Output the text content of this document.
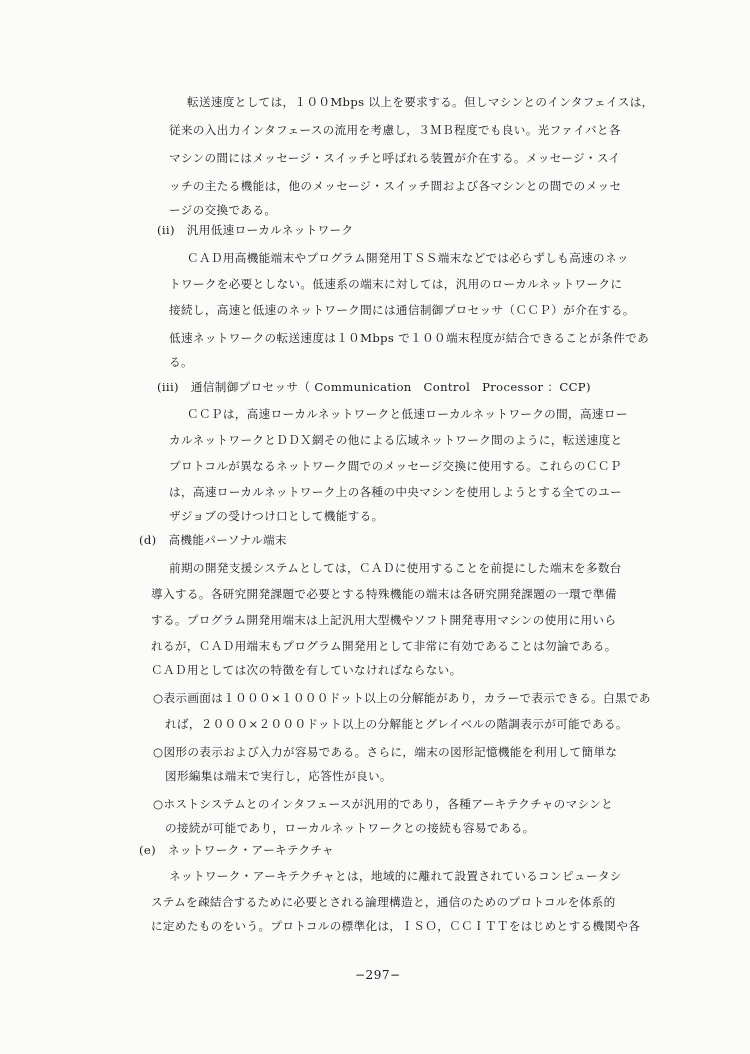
転送速度としては，１００Mbps 以上を要求する。但しマシンとのインタフェイスは，
従来の入出力インタフェースの流用を考慮し，３ＭＢ程度でも良い。光ファイバと各
マシンの間にはメッセージ・スイッチと呼ばれる装置が介在する。メッセージ・スイ
ッチの主たる機能は，他のメッセージ・スイッチ間および各マシンとの間でのメッセ
ージの交換である。
(ii)　汎用低速ローカルネットワーク
ＣＡＤ用高機能端末やプログラム開発用ＴＳＳ端末などでは必らずしも高速のネッ
トワークを必要としない。低速系の端末に対しては，汎用のローカルネットワークに
接続し，高速と低速のネットワーク間には通信制御プロセッサ（ＣＣＰ）が介在する。
低速ネットワークの転送速度は１０Mbps で１００端末程度が結合できることが条件であ
る。
(iii)　通信制御プロセッサ（ Communication　Control　Processor ：CCP)
ＣＣＰは，高速ローカルネットワークと低速ローカルネットワークの間，高速ロー
カルネットワークとＤＤＸ網その他による広域ネットワーク間のように，転送速度と
プロトコルが異なるネットワーク間でのメッセージ交換に使用する。これらのＣＣＰ
は，高速ローカルネットワーク上の各種の中央マシンを使用しようとする全てのユー
ザジョブの受けつけ口として機能する。
(d)　高機能パーソナル端末
前期の開発支援システムとしては，ＣＡＤに使用することを前提にした端末を多数台
導入する。各研究開発課題で必要とする特殊機能の端末は各研究開発課題の一環で準備
する。プログラム開発用端末は上記汎用大型機やソフト開発専用マシンの使用に用いら
れるが，ＣＡＤ用端末もプログラム開発用として非常に有効であることは勿論である。
ＣＡＤ用としては次の特徴を有していなければならない。
○表示画面は１０００×１０００ドット以上の分解能があり，カラーで表示できる。白黒であ
　れば，２０００×２０００ドット以上の分解能とグレイベルの階調表示が可能である。
○図形の表示および入力が容易である。さらに，端末の図形記憶機能を利用して簡単な
　図形編集は端末で実行し，応答性が良い。
○ホストシステムとのインタフェースが汎用的であり，各種アーキテクチャのマシンと
　の接続が可能であり，ローカルネットワークとの接続も容易である。
(e)　ネットワーク・アーキテクチャ
ネットワーク・アーキテクチャとは，地域的に離れて設置されているコンピュータシ
ステムを疎結合するために必要とされる論理構造と，通信のためのプロトコルを体系的
に定めたものをいう。プロトコルの標準化は，ＩＳＯ，ＣＣＩＴＴをはじめとする機関や各
−297−
